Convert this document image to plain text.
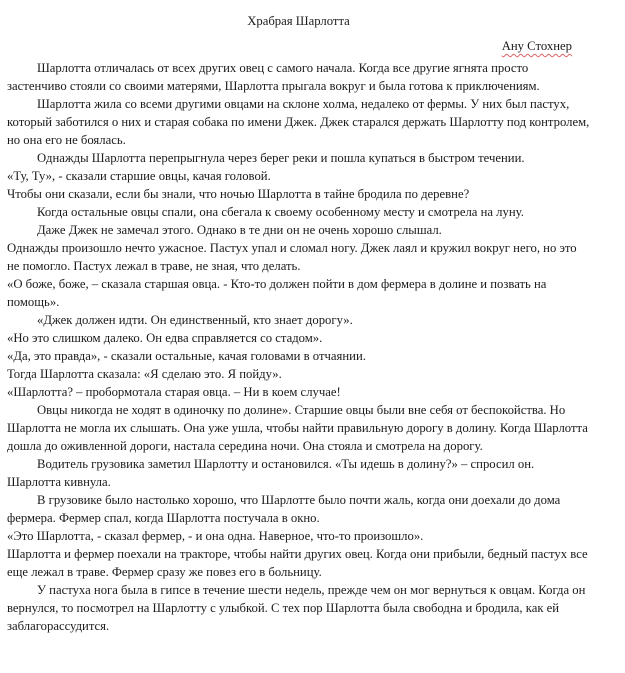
Храбрая Шарлотта
Ану Стохнер

Шарлотта отличалась от всех других овец с самого начала. Когда все другие ягнята просто застенчиво стояли со своими матерями, Шарлотта прыгала вокруг и была готова к приключениям.

Шарлотта жила со всеми другими овцами на склоне холма, недалеко от фермы. У них был пастух, который заботился о них и старая собака по имени Джек. Джек старался держать Шарлотту под контролем, но она его не боялась.

Однажды Шарлотта перепрыгнула через берег реки и пошла купаться в быстром течении.

«Ту, Ту», - сказали старшие овцы, качая головой.

Чтобы они сказали, если бы знали, что ночью Шарлотта в тайне бродила по деревне?

Когда остальные овцы спали, она сбегала к своему особенному месту и смотрела на луну.

Даже Джек не замечал этого. Однако в те дни он не очень хорошо слышал.

Однажды произошло нечто ужасное. Пастух упал и сломал ногу. Джек лаял и кружил вокруг него, но это не помогло. Пастух лежал в траве, не зная, что делать.

«О боже, боже, – сказала старшая овца. - Кто-то должен пойти в дом фермера в долине и позвать на помощь».

«Джек должен идти. Он единственный, кто знает дорогу».

«Но это слишком далеко. Он едва справляется со стадом».

«Да, это правда», - сказали остальные, качая головами в отчаянии.

Тогда Шарлотта сказала: «Я сделаю это. Я пойду».

«Шарлотта? – пробормотала старая овца. – Ни в коем случае!

Овцы никогда не ходят в одиночку по долине». Старшие овцы были вне себя от беспокойства. Но Шарлотта не могла их слышать. Она уже ушла, чтобы найти правильную дорогу в долину. Когда Шарлотта дошла до оживленной дороги, настала середина ночи. Она стояла и смотрела на дорогу.

Водитель грузовика заметил Шарлотту и остановился. «Ты идешь в долину?» – спросил он. Шарлотта кивнула.

В грузовике было настолько хорошо, что Шарлотте было почти жаль, когда они доехали до дома фермера. Фермер спал, когда Шарлотта постучала в окно.

«Это Шарлотта, - сказал фермер, - и она одна. Наверное, что-то произошло».

Шарлотта и фермер поехали на тракторе, чтобы найти других овец. Когда они прибыли, бедный пастух все еще лежал в траве. Фермер сразу же повез его в больницу.

У пастуха нога была в гипсе в течение шести недель, прежде чем он мог вернуться к овцам. Когда он вернулся, то посмотрел на Шарлотту с улыбкой. С тех пор Шарлотта была свободна и бродила, как ей заблагорассудится.
